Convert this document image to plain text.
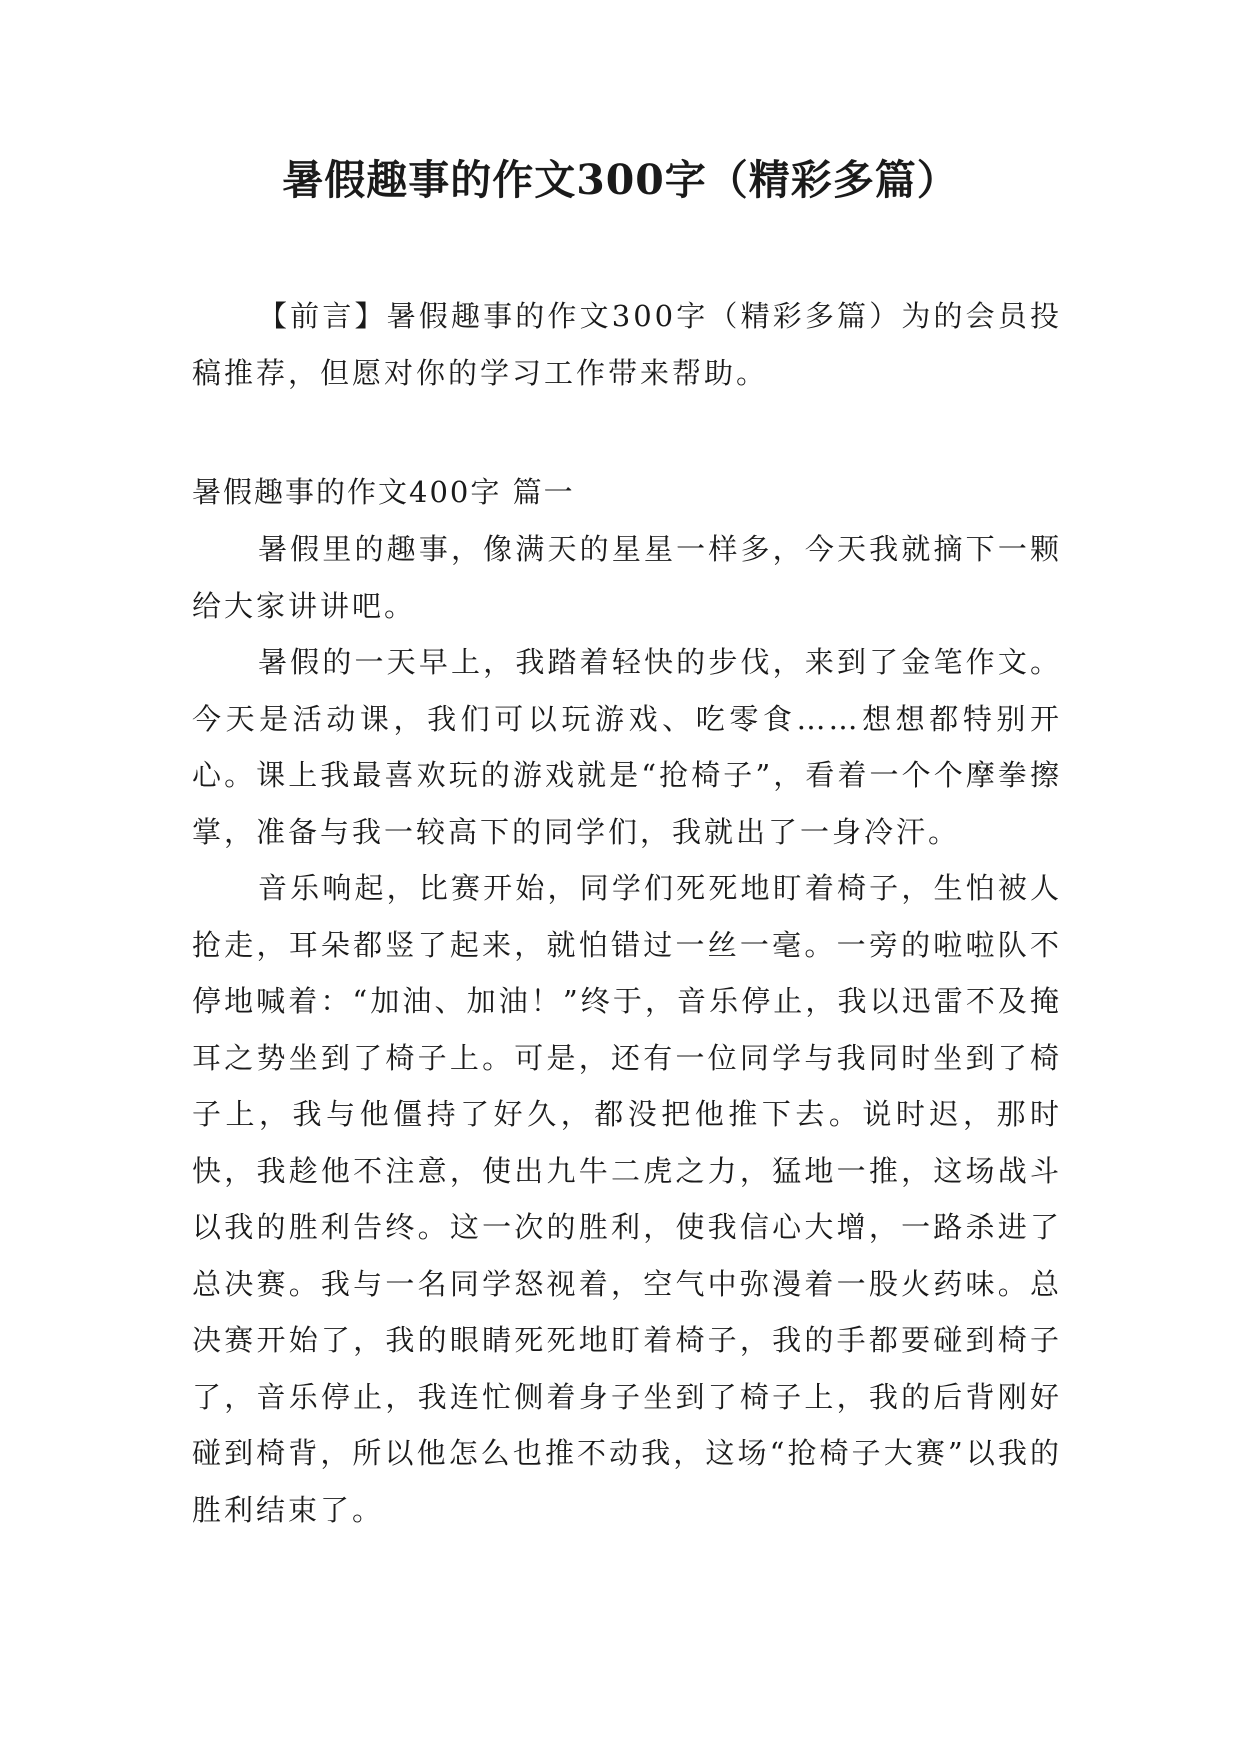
暑假趣事的作文300字（精彩多篇）

【前言】暑假趣事的作文300字（精彩多篇）为的会员投稿推荐，但愿对你的学习工作带来帮助。

暑假趣事的作文400字 篇一

暑假里的趣事，像满天的星星一样多，今天我就摘下一颗给大家讲讲吧。

暑假的一天早上，我踏着轻快的步伐，来到了金笔作文。今天是活动课，我们可以玩游戏、吃零食……想想都特别开心。课上我最喜欢玩的游戏就是“抢椅子”，看着一个个摩拳擦掌，准备与我一较高下的同学们，我就出了一身冷汗。

音乐响起，比赛开始，同学们死死地盯着椅子，生怕被人抢走，耳朵都竖了起来，就怕错过一丝一毫。一旁的啦啦队不停地喊着：“加油、加油！”终于，音乐停止，我以迅雷不及掩耳之势坐到了椅子上。可是，还有一位同学与我同时坐到了椅子上，我与他僵持了好久，都没把他推下去。说时迟，那时快，我趁他不注意，使出九牛二虎之力，猛地一推，这场战斗以我的胜利告终。这一次的胜利，使我信心大增，一路杀进了总决赛。我与一名同学怒视着，空气中弥漫着一股火药味。总决赛开始了，我的眼睛死死地盯着椅子，我的手都要碰到椅子了，音乐停止，我连忙侧着身子坐到了椅子上，我的后背刚好碰到椅背，所以他怎么也推不动我，这场“抢椅子大赛”以我的胜利结束了。
